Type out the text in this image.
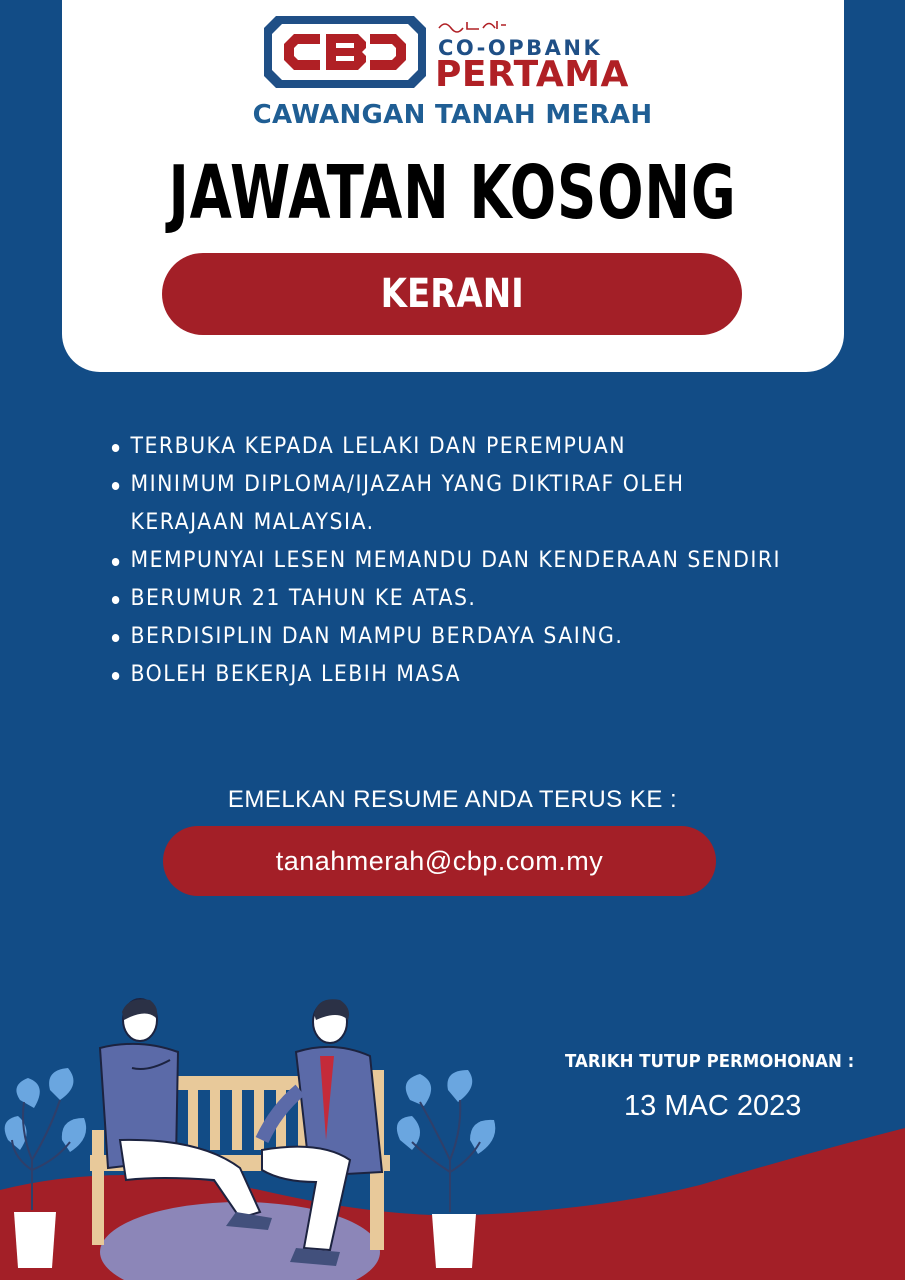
CO-OPBANK
PERTAMA
CAWANGAN TANAH MERAH
JAWATAN KOSONG
KERANI
TERBUKA KEPADA LELAKI DAN PEREMPUAN
MINIMUM DIPLOMA/IJAZAH YANG DIKTIRAF OLEH
KERAJAAN MALAYSIA.
MEMPUNYAI LESEN MEMANDU DAN KENDERAAN SENDIRI
BERUMUR 21 TAHUN KE ATAS.
BERDISIPLIN DAN MAMPU BERDAYA SAING.
BOLEH BEKERJA LEBIH MASA
EMELKAN RESUME ANDA TERUS KE :
tanahmerah@cbp.com.my
TARIKH TUTUP PERMOHONAN :
13 MAC 2023
